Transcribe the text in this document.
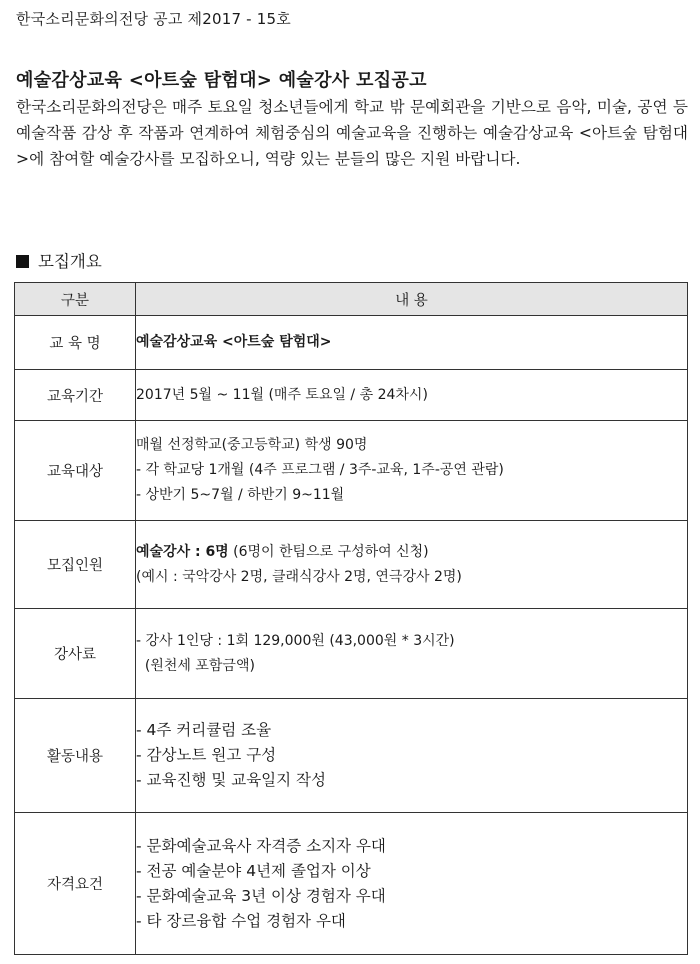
한국소리문화의전당 공고 제2017 - 15호
예술감상교육 <아트숲 탐험대> 예술강사 모집공고

한국소리문화의전당은 매주 토요일 청소년들에게 학교 밖 문예회관을 기반으로 음악, 미술, 공연 등 예술작품 감상 후 작품과 연계하여 체험중심의 예술교육을 진행하는 예술감상교육 <아트숲 탐험대>에 참여할 예술강사를 모집하오니, 역량 있는 분들의 많은 지원 바랍니다.

모집개요
구분	내 용
교 육 명	예술감상교육 <아트숲 탐험대>

교육기간	2017년 5월 ~ 11월 (매주 토요일 / 총 24차시)

교육대상	매월 선정학교(중고등학교) 학생 90명
- 각 학교당 1개월 (4주 프로그램 / 3주-교육, 1주-공연 관람)
- 상반기 5~7월 / 하반기 9~11월

모집인원	예술강사 : 6명 (6명이 한팀으로 구성하여 신청)
(예시 : 국악강사 2명, 클래식강사 2명, 연극강사 2명)

강사료	- 강사 1인당 : 1회 129,000원 (43,000원 * 3시간)
(원천세 포함금액)

활동내용	- 4주 커리큘럼 조율
- 감상노트 원고 구성
- 교육진행 및 교육일지 작성

자격요건	- 문화예술교육사 자격증 소지자 우대
- 전공 예술분야 4년제 졸업자 이상
- 문화예술교육 3년 이상 경험자 우대
- 타 장르융합 수업 경험자 우대
